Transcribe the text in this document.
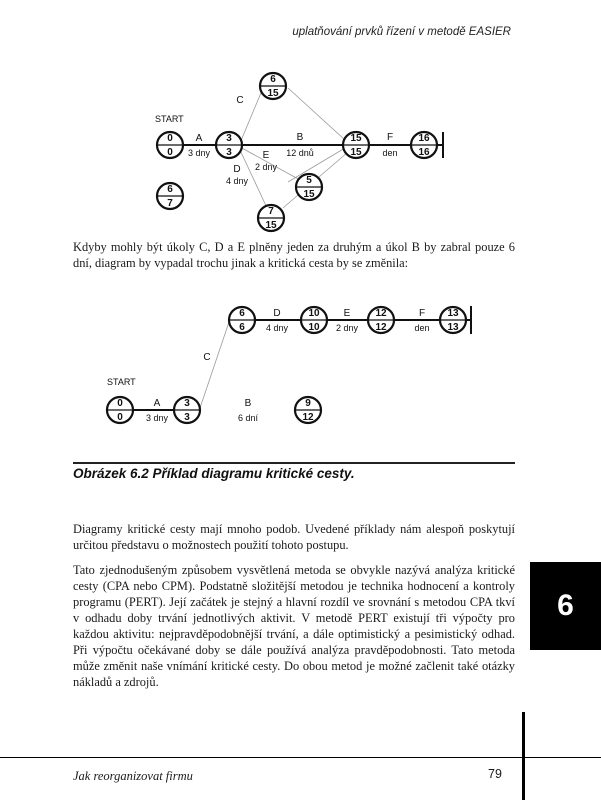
uplatňování prvků řízení v metodě EASIER
START
0
0
3
3
6
15
15
15
16
16
5
15
7
15
6
7
A
3 dny
C
B
12 dnů
F
den
D
4 dny
E
2 dny

Kdyby mohly být úkoly C, D a E plněny jeden za druhým a úkol B by zabral pouze 6 dní, diagram by vypadal trochu jinak a kritická cesta by se změnila:

START
0
0
3
3
6
6
10
10
12
12
13
13
9
12
A
3 dny
C
D
4 dny
E
2 dny
F
den
B
6 dní
Obrázek 6.2 Příklad diagramu kritické cesty.

Diagramy kritické cesty mají mnoho podob. Uvedené příklady nám alespoň poskytují určitou představu o možnostech použití tohoto postupu.

Tato zjednodušeným způsobem vysvětlená metoda se obvykle nazývá analýza kritické cesty (CPA nebo CPM). Podstatně složitější metodou je technika hodnocení a kontroly programu (PERT). Její začátek je stejný a hlavní rozdíl ve srovnání s metodou CPA tkví v odhadu doby trvání jednotlivých aktivit. V metodě PERT existují tři výpočty pro každou aktivitu: nejpravděpodobnější trvání, a dále optimistický a pesimistický odhad. Při výpočtu očekávané doby se dále používá analýza pravděpodobnosti. Tato metoda může změnit naše vnímání kritické cesty. Do obou metod je možné začlenit také otázky nákladů a zdrojů.

6
Jak reorganizovat firmu	79
